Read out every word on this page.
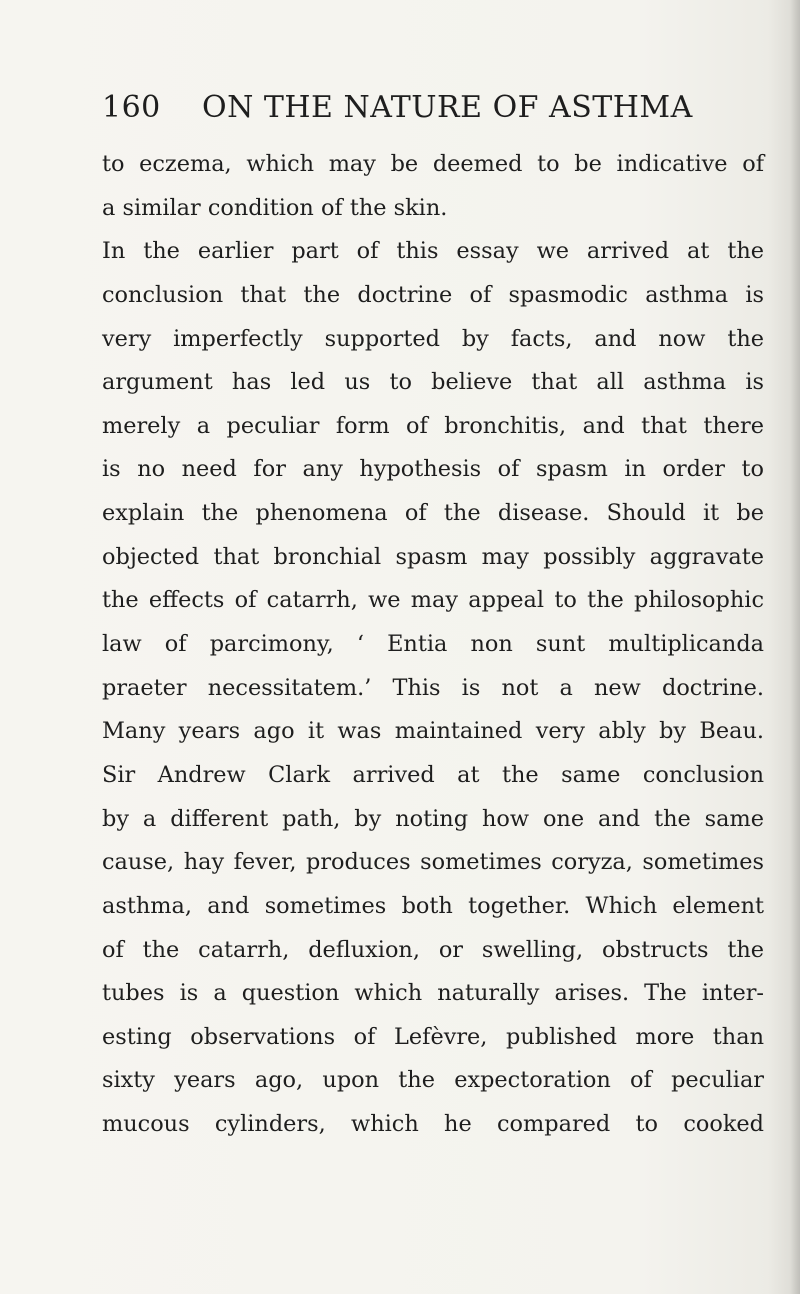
160 ON THE NATURE OF ASTHMA
to eczema, which may be deemed to be indicative of
a similar condition of the skin.
In the earlier part of this essay we arrived at the
conclusion that the doctrine of spasmodic asthma is
very imperfectly supported by facts, and now the
argument has led us to believe that all asthma is
merely a peculiar form of bronchitis, and that there
is no need for any hypothesis of spasm in order to
explain the phenomena of the disease. Should it be
objected that bronchial spasm may possibly aggravate
the effects of catarrh, we may appeal to the philosophic
law of parcimony, ‘ Entia non sunt multiplicanda
praeter necessitatem.’ This is not a new doctrine.
Many years ago it was maintained very ably by Beau.
Sir Andrew Clark arrived at the same conclusion
by a different path, by noting how one and the same
cause, hay fever, produces sometimes coryza, sometimes
asthma, and sometimes both together. Which element
of the catarrh, defluxion, or swelling, obstructs the
tubes is a question which naturally arises. The inter-
esting observations of Lefèvre, published more than
sixty years ago, upon the expectoration of peculiar
mucous cylinders, which he compared to cooked
